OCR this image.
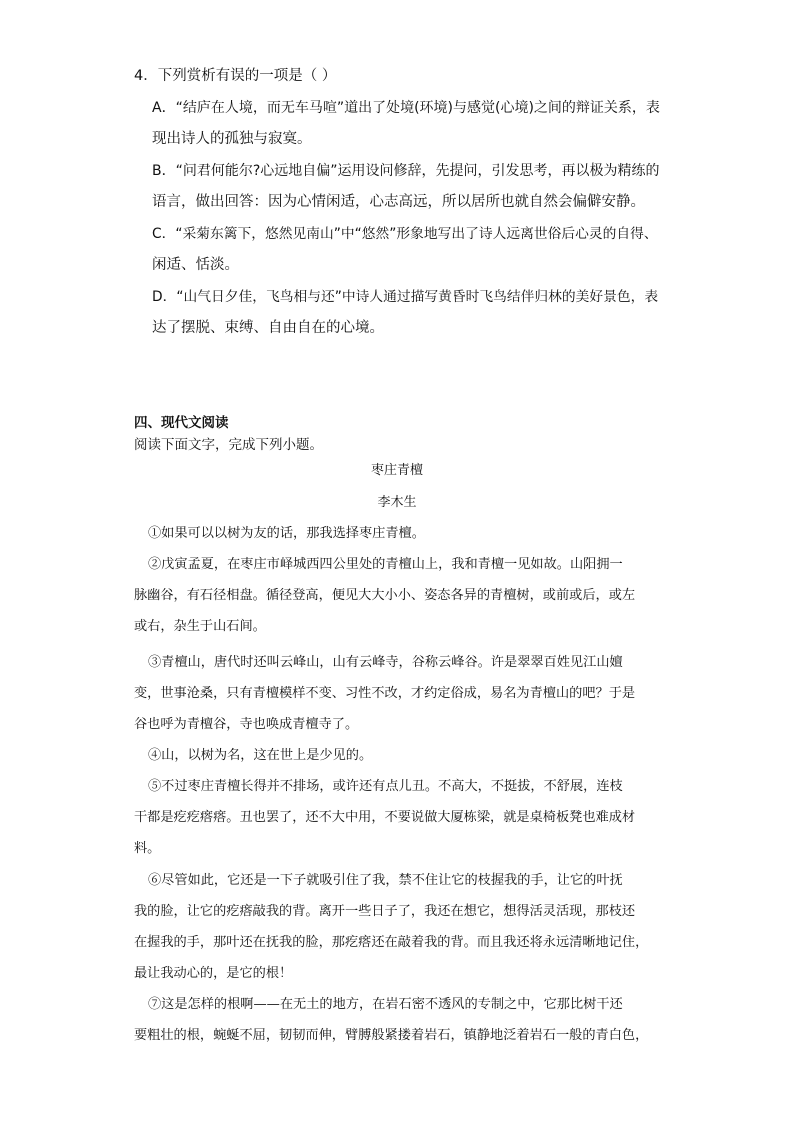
4．下列赏析有误的一项是（ ）
A．“结庐在人境，而无车马喧”道出了处境(环境)与感觉(心境)之间的辩证关系，表
现出诗人的孤独与寂寞。
B．“问君何能尔?心远地自偏”运用设问修辞，先提问，引发思考，再以极为精练的
语言，做出回答：因为心情闲适，心志高远，所以居所也就自然会偏僻安静。
C．“采菊东篱下，悠然见南山”中“悠然”形象地写出了诗人远离世俗后心灵的自得、
闲适、恬淡。
D．“山气日夕佳，飞鸟相与还”中诗人通过描写黄昏时飞鸟结伴归林的美好景色，表
达了摆脱、束缚、自由自在的心境。
四、现代文阅读
阅读下面文字，完成下列小题。
枣庄青檀
李木生
①如果可以以树为友的话，那我选择枣庄青檀。
②戊寅孟夏，在枣庄市峄城西四公里处的青檀山上，我和青檀一见如故。山阳拥一
脉幽谷，有石径相盘。循径登高，便见大大小小、姿态各异的青檀树，或前或后，或左
或右，杂生于山石间。
③青檀山，唐代时还叫云峰山，山有云峰寺，谷称云峰谷。许是翠翠百姓见江山嬗
变，世事沧桑，只有青檀模样不变、习性不改，才约定俗成，易名为青檀山的吧？于是
谷也呼为青檀谷，寺也唤成青檀寺了。
④山，以树为名，这在世上是少见的。
⑤不过枣庄青檀长得并不排场，或许还有点儿丑。不高大，不挺拔，不舒展，连枝
干都是疙疙瘩瘩。丑也罢了，还不大中用，不要说做大厦栋梁，就是桌椅板凳也难成材
料。
⑥尽管如此，它还是一下子就吸引住了我，禁不住让它的枝握我的手，让它的叶抚
我的脸，让它的疙瘩敲我的背。离开一些日子了，我还在想它，想得活灵活现，那枝还
在握我的手，那叶还在抚我的脸，那疙瘩还在敲着我的背。而且我还将永远清晰地记住，
最让我动心的，是它的根！
⑦这是怎样的根啊——在无土的地方，在岩石密不透风的专制之中，它那比树干还
要粗壮的根，蜿蜒不屈，韧韧而伸，臂膊般紧搂着岩石，镇静地泛着岩石一般的青白色，
